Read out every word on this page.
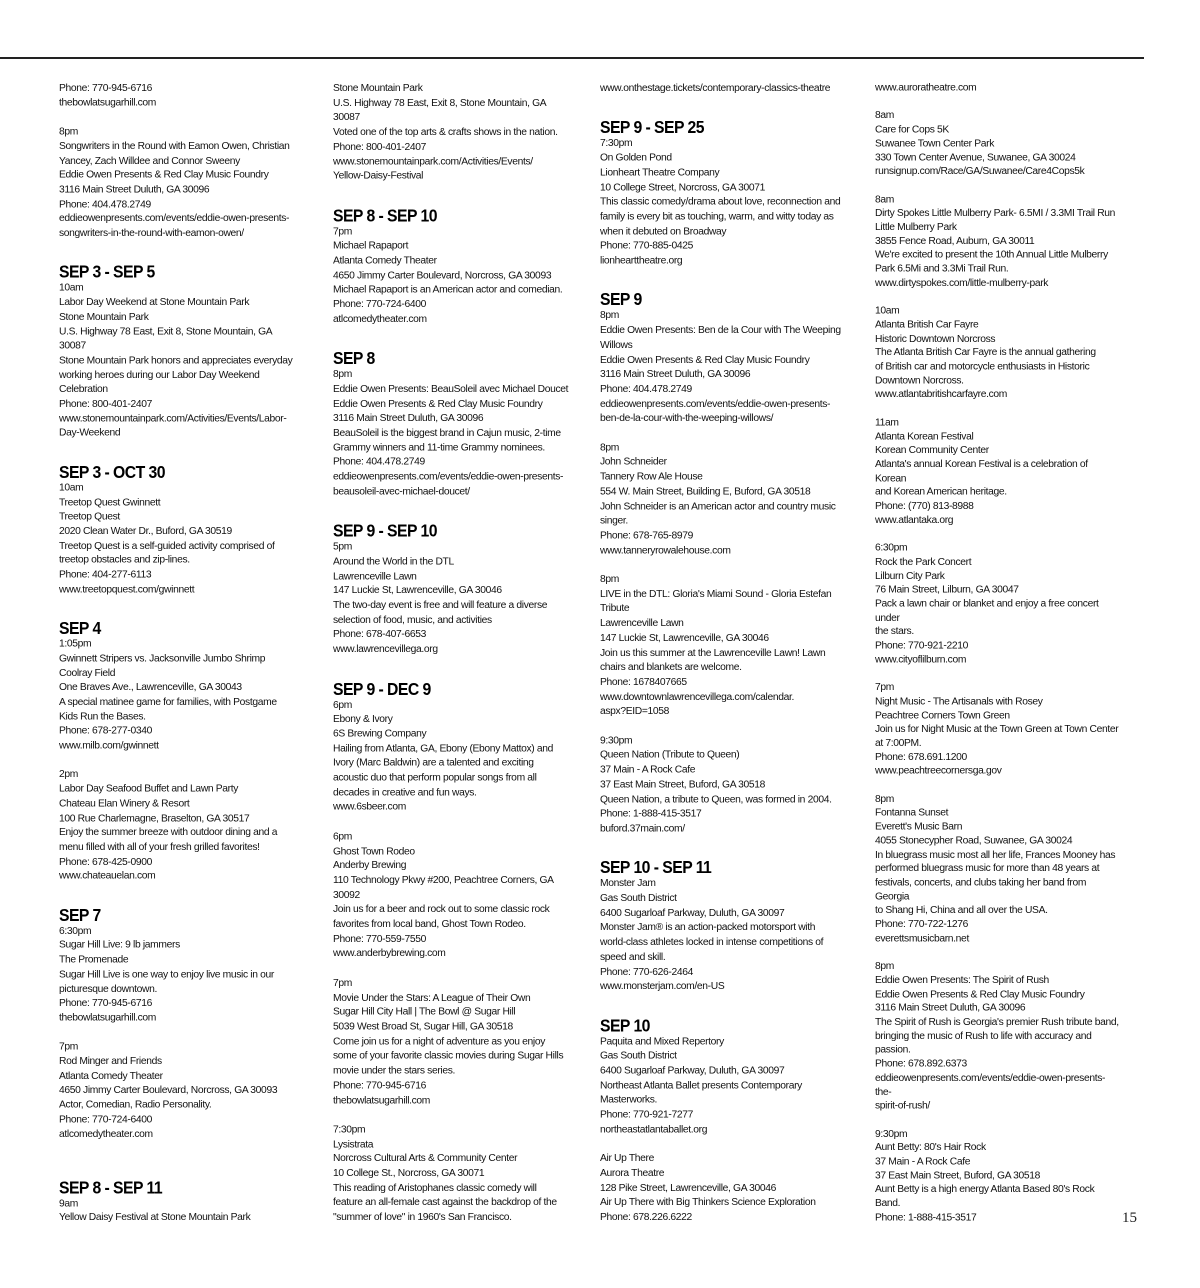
Phone: 770-945-6716
thebowlatsugarhill.com

8pm
Songwriters in the Round with Eamon Owen, Christian
Yancey, Zach Willdee and Connor Sweeny
Eddie Owen Presents & Red Clay Music Foundry
3116 Main Street Duluth, GA 30096
Phone: 404.478.2749
eddieowenpresents.com/events/eddie-owen-presents-
songwriters-in-the-round-with-eamon-owen/

SEP 3 - SEP 5

10am
Labor Day Weekend at Stone Mountain Park
Stone Mountain Park
U.S. Highway 78 East, Exit 8, Stone Mountain, GA
30087
Stone Mountain Park honors and appreciates everyday
working heroes during our Labor Day Weekend
Celebration
Phone: 800-401-2407
www.stonemountainpark.com/Activities/Events/Labor-
Day-Weekend

SEP 3 - OCT 30

10am
Treetop Quest Gwinnett
Treetop Quest
2020 Clean Water Dr., Buford, GA 30519
Treetop Quest is a self-guided activity comprised of
treetop obstacles and zip-lines.
Phone: 404-277-6113
www.treetopquest.com/gwinnett

SEP 4

1:05pm
Gwinnett Stripers vs. Jacksonville Jumbo Shrimp
Coolray Field
One Braves Ave., Lawrenceville, GA 30043
A special matinee game for families, with Postgame
Kids Run the Bases.
Phone: 678-277-0340
www.milb.com/gwinnett

2pm
Labor Day Seafood Buffet and Lawn Party
Chateau Elan Winery & Resort
100 Rue Charlemagne, Braselton, GA 30517
Enjoy the summer breeze with outdoor dining and a
menu filled with all of your fresh grilled favorites!
Phone: 678-425-0900
www.chateauelan.com

SEP 7

6:30pm
Sugar Hill Live: 9 lb jammers
The Promenade
Sugar Hill Live is one way to enjoy live music in our
picturesque downtown.
Phone: 770-945-6716
thebowlatsugarhill.com

7pm
Rod Minger and Friends
Atlanta Comedy Theater
4650 Jimmy Carter Boulevard, Norcross, GA 30093
Actor, Comedian, Radio Personality.
Phone: 770-724-6400
atlcomedytheater.com

SEP 8 - SEP 11

9am
Yellow Daisy Festival at Stone Mountain Park

Stone Mountain Park
U.S. Highway 78 East, Exit 8, Stone Mountain, GA
30087
Voted one of the top arts & crafts shows in the nation.
Phone: 800-401-2407
www.stonemountainpark.com/Activities/Events/
Yellow-Daisy-Festival

SEP 8 - SEP 10

7pm
Michael Rapaport
Atlanta Comedy Theater
4650 Jimmy Carter Boulevard, Norcross, GA 30093
Michael Rapaport is an American actor and comedian.
Phone: 770-724-6400
atlcomedytheater.com

SEP 8

8pm
Eddie Owen Presents: BeauSoleil avec Michael Doucet
Eddie Owen Presents & Red Clay Music Foundry
3116 Main Street Duluth, GA 30096
BeauSoleil is the biggest brand in Cajun music, 2-time
Grammy winners and 11-time Grammy nominees.
Phone: 404.478.2749
eddieowenpresents.com/events/eddie-owen-presents-
beausoleil-avec-michael-doucet/

SEP 9 - SEP 10

5pm
Around the World in the DTL
Lawrenceville Lawn
147 Luckie St, Lawrenceville, GA 30046
The two-day event is free and will feature a diverse
selection of food, music, and activities
Phone: 678-407-6653
www.lawrencevillega.org

SEP 9 - DEC 9

6pm
Ebony & Ivory
6S Brewing Company
Hailing from Atlanta, GA, Ebony (Ebony Mattox) and
Ivory (Marc Baldwin) are a talented and exciting
acoustic duo that perform popular songs from all
decades in creative and fun ways.
www.6sbeer.com

6pm
Ghost Town Rodeo
Anderby Brewing
110 Technology Pkwy #200, Peachtree Corners, GA
30092
Join us for a beer and rock out to some classic rock
favorites from local band, Ghost Town Rodeo.
Phone: 770-559-7550
www.anderbybrewing.com

7pm
Movie Under the Stars: A League of Their Own
Sugar Hill City Hall | The Bowl @ Sugar Hill
5039 West Broad St, Sugar Hill, GA 30518
Come join us for a night of adventure as you enjoy
some of your favorite classic movies during Sugar Hills
movie under the stars series.
Phone: 770-945-6716
thebowlatsugarhill.com

7:30pm
Lysistrata
Norcross Cultural Arts & Community Center
10 College St., Norcross, GA 30071
This reading of Aristophanes classic comedy will
feature an all-female cast against the backdrop of the
"summer of love" in 1960's San Francisco.

www.onthestage.tickets/contemporary-classics-theatre

SEP 9 - SEP 25

7:30pm
On Golden Pond
Lionheart Theatre Company
10 College Street, Norcross, GA 30071
This classic comedy/drama about love, reconnection and
family is every bit as touching, warm, and witty today as
when it debuted on Broadway
Phone: 770-885-0425
lionhearttheatre.org

SEP 9

8pm
Eddie Owen Presents: Ben de la Cour with The Weeping
Willows
Eddie Owen Presents & Red Clay Music Foundry
3116 Main Street Duluth, GA 30096
Phone: 404.478.2749
eddieowenpresents.com/events/eddie-owen-presents-
ben-de-la-cour-with-the-weeping-willows/

8pm
John Schneider
Tannery Row Ale House
554 W. Main Street, Building E, Buford, GA 30518
John Schneider is an American actor and country music
singer.
Phone: 678-765-8979
www.tanneryrowalehouse.com

8pm
LIVE in the DTL: Gloria's Miami Sound - Gloria Estefan
Tribute
Lawrenceville Lawn
147 Luckie St, Lawrenceville, GA 30046
Join us this summer at the Lawrenceville Lawn! Lawn
chairs and blankets are welcome.
Phone: 1678407665
www.downtownlawrencevillega.com/calendar.
aspx?EID=1058

9:30pm
Queen Nation (Tribute to Queen)
37 Main - A Rock Cafe
37 East Main Street, Buford, GA 30518
Queen Nation, a tribute to Queen, was formed in 2004.
Phone: 1-888-415-3517
buford.37main.com/

SEP 10 - SEP 11

Monster Jam
Gas South District
6400 Sugarloaf Parkway, Duluth, GA 30097
Monster Jam® is an action-packed motorsport with
world-class athletes locked in intense competitions of
speed and skill.
Phone: 770-626-2464
www.monsterjam.com/en-US

SEP 10

Paquita and Mixed Repertory
Gas South District
6400 Sugarloaf Parkway, Duluth, GA 30097
Northeast Atlanta Ballet presents Contemporary
Masterworks.
Phone: 770-921-7277
northeastatlantaballet.org

Air Up There
Aurora Theatre
128 Pike Street, Lawrenceville, GA 30046
Air Up There with Big Thinkers Science Exploration
Phone: 678.226.6222

www.auroratheatre.com

8am
Care for Cops 5K
Suwanee Town Center Park
330 Town Center Avenue, Suwanee, GA 30024
runsignup.com/Race/GA/Suwanee/Care4Cops5k

8am
Dirty Spokes Little Mulberry Park- 6.5MI / 3.3MI Trail Run
Little Mulberry Park
3855 Fence Road, Auburn, GA 30011
We're excited to present the 10th Annual Little Mulberry
Park 6.5Mi and 3.3Mi Trail Run.
www.dirtyspokes.com/little-mulberry-park

10am
Atlanta British Car Fayre
Historic Downtown Norcross
The Atlanta British Car Fayre is the annual gathering
of British car and motorcycle enthusiasts in Historic
Downtown Norcross.
www.atlantabritishcarfayre.com

11am
Atlanta Korean Festival
Korean Community Center
Atlanta's annual Korean Festival is a celebration of Korean
and Korean American heritage.
Phone: (770) 813-8988
www.atlantaka.org

6:30pm
Rock the Park Concert
Lilburn City Park
76 Main Street, Lilburn, GA 30047
Pack a lawn chair or blanket and enjoy a free concert under
the stars.
Phone: 770-921-2210
www.cityoflilburn.com

7pm
Night Music - The Artisanals with Rosey
Peachtree Corners Town Green
Join us for Night Music at the Town Green at Town Center
at 7:00PM.
Phone: 678.691.1200
www.peachtreecornersga.gov

8pm
Fontanna Sunset
Everett's Music Barn
4055 Stonecypher Road, Suwanee, GA 30024
In bluegrass music most all her life, Frances Mooney has
performed bluegrass music for more than 48 years at
festivals, concerts, and clubs taking her band from Georgia
to Shang Hi, China and all over the USA.
Phone: 770-722-1276
everettsmusicbarn.net

8pm
Eddie Owen Presents: The Spirit of Rush
Eddie Owen Presents & Red Clay Music Foundry
3116 Main Street Duluth, GA 30096
The Spirit of Rush is Georgia's premier Rush tribute band,
bringing the music of Rush to life with accuracy and
passion.
Phone: 678.892.6373
eddieowenpresents.com/events/eddie-owen-presents-the-
spirit-of-rush/

9:30pm
Aunt Betty: 80's Hair Rock
37 Main - A Rock Cafe
37 East Main Street, Buford, GA 30518
Aunt Betty is a high energy Atlanta Based 80's Rock Band.
Phone: 1-888-415-3517	15
